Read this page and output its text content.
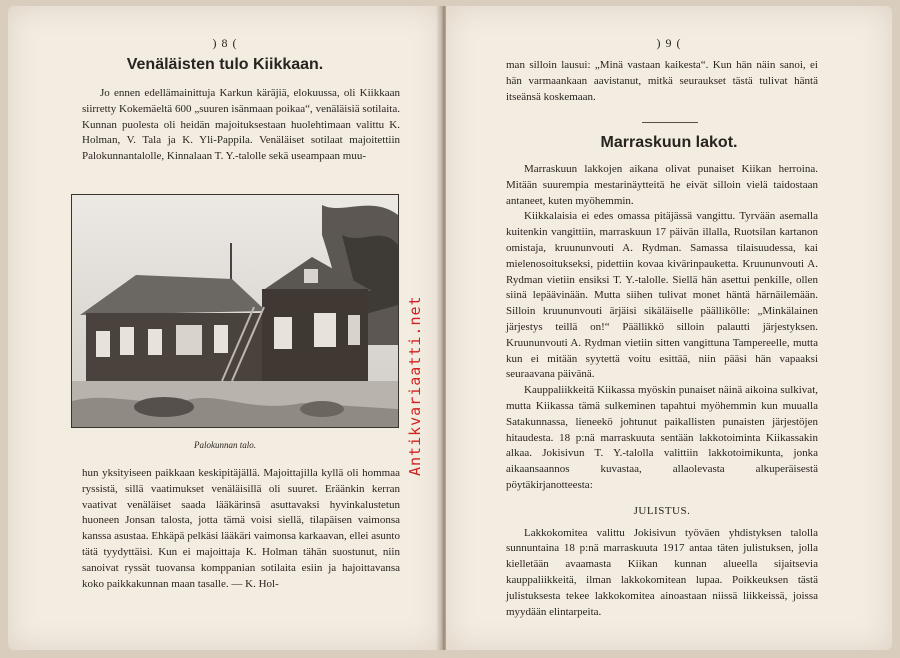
) 8 (
Venäläisten tulo Kiikkaan.

Jo ennen edellämainittuja Karkun käräjiä, elokuussa, oli Kiikkaan siirretty Kokemäeltä 600 „suuren isänmaan poikaa“, venäläisiä sotilaita. Kunnan puolesta oli heidän majoituksestaan huolehtimaan valittu K. Holman, V. Tala ja K. Yli-Pappila. Venäläiset sotilaat majoitettiin Palokunnantalolle, Kinnalaan T. Y.-talolle sekä useampaan muu-

Palokunnan talo.

hun yksityiseen paikkaan keskipitäjällä. Majoittajilla kyllä oli hommaa ryssistä, sillä vaatimukset venäläisillä oli suuret. Eräänkin kerran vaativat venäläiset saada lääkärinsä asuttavaksi hyvinkalustetun huoneen Jonsan talosta, jotta tämä voisi siellä, tilapäisen vaimonsa kanssa asustaa. Ehkäpä pelkäsi lääkäri vaimonsa karkaavan, ellei asunto tätä tyydyttäisi. Kun ei majoittaja K. Holman tähän suostunut, niin sanoivat ryssät tuovansa komppanian sotilaita esiin ja hajoittavansa koko paikkakunnan maan tasalle. — K. Hol-

Antikvariaatti.net
) 9 (

man silloin lausui: „Minä vastaan kaikesta“. Kun hän näin sanoi, ei hän varmaankaan aavistanut, mitkä seuraukset tästä tulivat häntä itseänsä koskemaan.

Marraskuun lakot.

Marraskuun lakkojen aikana olivat punaiset Kiikan herroina. Mitään suurempia mestarinäytteitä he eivät silloin vielä taidostaan antaneet, kuten myöhemmin.

Kiikkalaisia ei edes omassa pitäjässä vangittu. Tyrvään asemalla kuitenkin vangittiin, marraskuun 17 päivän illalla, Ruotsilan kartanon omistaja, kruununvouti A. Rydman. Samassa tilaisuudessa, kai mielenosoitukseksi, pidettiin kovaa kivärinpauketta. Kruununvouti A. Rydman vietiin ensiksi T. Y.-talolle. Siellä hän asettui penkille, ollen siinä lepäävinään. Mutta siihen tulivat monet häntä härnäilemään. Silloin kruununvouti ärjäisi sikäläiselle päällikölle: „Minkälainen järjestys teillä on!“ Päällikkö silloin palautti järjestyksen. Kruununvouti A. Rydman vietiin sitten vangittuna Tampereelle, mutta kun ei mitään syytettä voitu esittää, niin pääsi hän vapaaksi seuraavana päivänä.

Kauppaliikkeitä Kiikassa myöskin punaiset näinä aikoina sulkivat, mutta Kiikassa tämä sulkeminen tapahtui myöhemmin kun muualla Satakunnassa, lieneekö johtunut paikallisten punaisten järjestöjen hitaudesta. 18 p:nä marraskuuta sentään lakkotoiminta Kiikassakin alkaa. Jokisivun T. Y.-talolla valittiin lakkotoimikunta, jonka aikaansaannos kuvastaa, allaolevasta alkuperäisestä pöytäkirjanotteesta:

JULISTUS.

Lakkokomitea valittu Jokisivun työväen yhdistyksen talolla sunnuntaina 18 p:nä marraskuuta 1917 antaa täten julistuksen, jolla kielletään avaamasta Kiikan kunnan alueella sijaitsevia kauppaliikkeitä, ilman lakkokomitean lupaa. Poikkeuksen tästä julistuksesta tekee lakkokomitea ainoastaan niissä liikkeissä, joissa myydään elintarpeita.
